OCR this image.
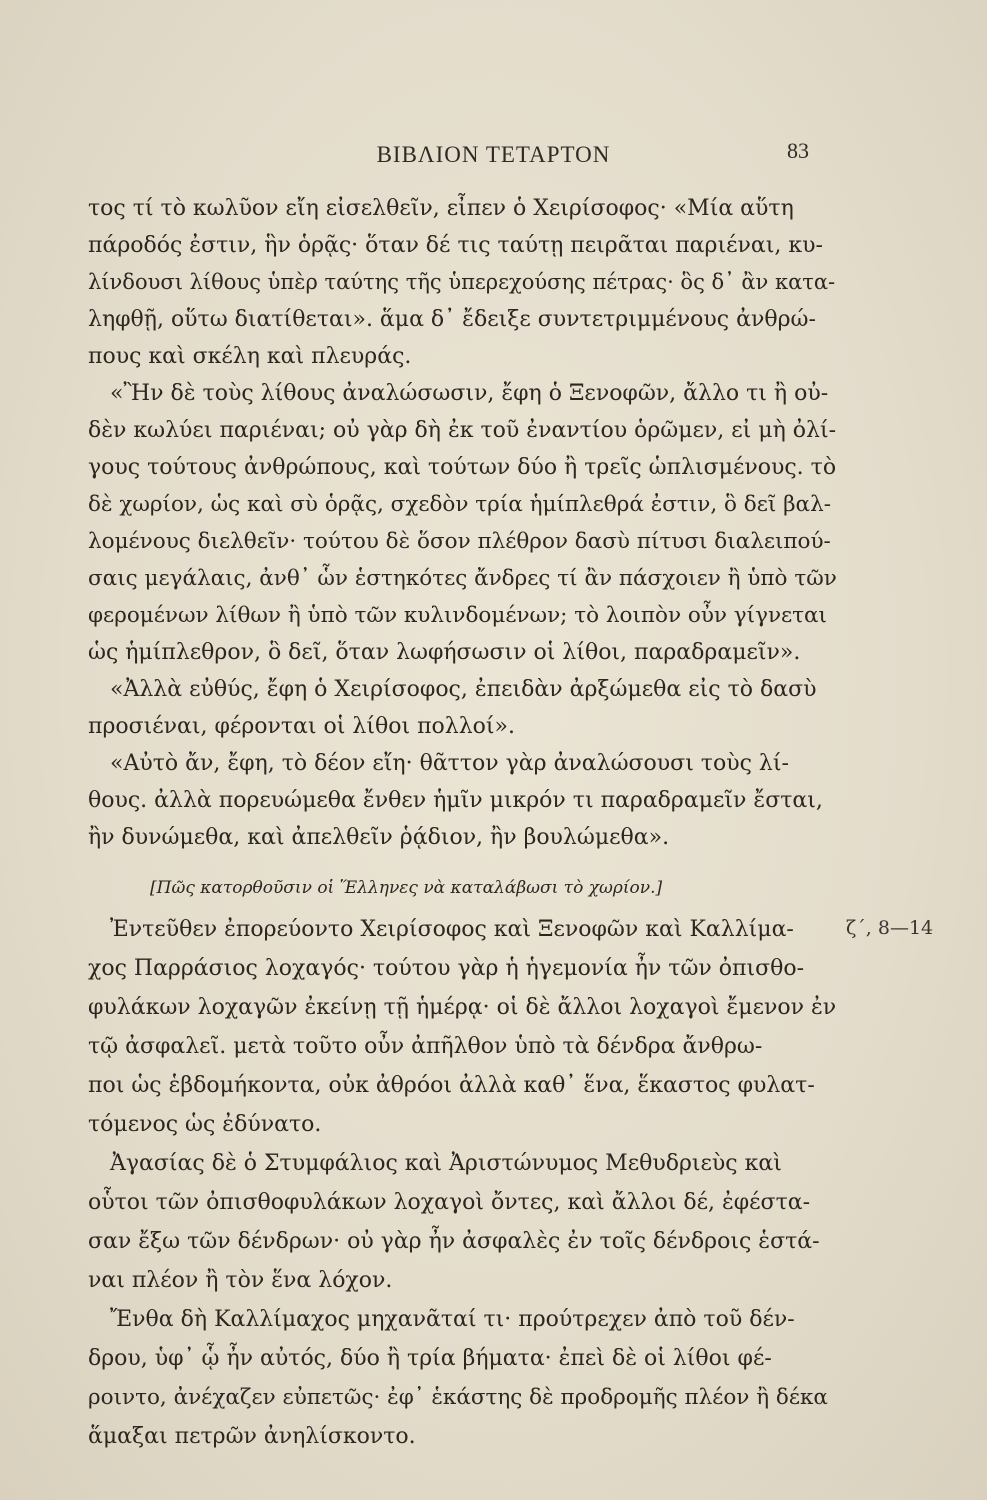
ΒΙΒΛΙΟΝ ΤΕΤΑΡΤΟΝ	83
τος τί τὸ κωλῦον εἴη εἰσελθεῖν, εἶπεν ὁ Χειρίσοφος· «Μία αὕτη
πάροδός ἐστιν, ἣν ὁρᾷς· ὅταν δέ τις ταύτῃ πειρᾶται παριέναι, κυ-
λίνδουσι λίθους ὑπὲρ ταύτης τῆς ὑπερεχούσης πέτρας· ὃς δ᾿ ἂν κατα-
ληφθῇ, οὕτω διατίθεται». ἅμα δ᾿ ἔδειξε συντετριμμένους ἀνθρώ-
πους καὶ σκέλη καὶ πλευράς.
«Ἢν δὲ τοὺς λίθους ἀναλώσωσιν, ἔφη ὁ Ξενοφῶν, ἄλλο τι ἢ οὐ-
δὲν κωλύει παριέναι; οὐ γὰρ δὴ ἐκ τοῦ ἐναντίου ὁρῶμεν, εἰ μὴ ὀλί-
γους τούτους ἀνθρώπους, καὶ τούτων δύο ἢ τρεῖς ὡπλισμένους. τὸ
δὲ χωρίον, ὡς καὶ σὺ ὁρᾷς, σχεδὸν τρία ἡμίπλεθρά ἐστιν, ὃ δεῖ βαλ-
λομένους διελθεῖν· τούτου δὲ ὅσον πλέθρον δασὺ πίτυσι διαλειπού-
σαις μεγάλαις, ἀνθ᾿ ὧν ἑστηκότες ἄνδρες τί ἂν πάσχοιεν ἢ ὑπὸ τῶν
φερομένων λίθων ἢ ὑπὸ τῶν κυλινδομένων; τὸ λοιπὸν οὖν γίγνεται
ὡς ἡμίπλεθρον, ὃ δεῖ, ὅταν λωφήσωσιν οἱ λίθοι, παραδραμεῖν».
«Ἀλλὰ εὐθύς, ἔφη ὁ Χειρίσοφος, ἐπειδὰν ἀρξώμεθα εἰς τὸ δασὺ
προσιέναι, φέρονται οἱ λίθοι πολλοί».
«Αὐτὸ ἄν, ἔφη, τὸ δέον εἴη· θᾶττον γὰρ ἀναλώσουσι τοὺς λί-
θους. ἀλλὰ πορευώμεθα ἔνθεν ἡμῖν μικρόν τι παραδραμεῖν ἔσται,
ἢν δυνώμεθα, καὶ ἀπελθεῖν ῥᾴδιον, ἢν βουλώμεθα».
[Πῶς κατορθοῦσιν οἱ Ἕλληνες νὰ καταλάβωσι τὸ χωρίον.]
ζ´, 8—14
Ἐντεῦθεν ἐπορεύοντο Χειρίσοφος καὶ Ξενοφῶν καὶ Καλλίμα-
χος Παρράσιος λοχαγός· τούτου γὰρ ἡ ἡγεμονία ἦν τῶν ὀπισθο-
φυλάκων λοχαγῶν ἐκείνῃ τῇ ἡμέρᾳ· οἱ δὲ ἄλλοι λοχαγοὶ ἔμενον ἐν
τῷ ἀσφαλεῖ. μετὰ τοῦτο οὖν ἀπῆλθον ὑπὸ τὰ δένδρα ἄνθρω-
ποι ὡς ἑβδομήκοντα, οὐκ ἀθρόοι ἀλλὰ καθ᾿ ἕνα, ἕκαστος φυλατ-
τόμενος ὡς ἐδύνατο.
Ἀγασίας δὲ ὁ Στυμφάλιος καὶ Ἀριστώνυμος Μεθυδριεὺς καὶ
οὗτοι τῶν ὀπισθοφυλάκων λοχαγοὶ ὄντες, καὶ ἄλλοι δέ, ἐφέστα-
σαν ἔξω τῶν δένδρων· οὐ γὰρ ἦν ἀσφαλὲς ἐν τοῖς δένδροις ἑστά-
ναι πλέον ἢ τὸν ἕνα λόχον.
Ἔνθα δὴ Καλλίμαχος μηχανᾶταί τι· προύτρεχεν ἀπὸ τοῦ δέν-
δρου, ὑφ᾿ ᾧ ἦν αὐτός, δύο ἢ τρία βήματα· ἐπεὶ δὲ οἱ λίθοι φέ-
ροιντο, ἀνέχαζεν εὐπετῶς· ἐφ᾿ ἑκάστης δὲ προδρομῆς πλέον ἢ δέκα
ἅμαξαι πετρῶν ἀνηλίσκοντο.
